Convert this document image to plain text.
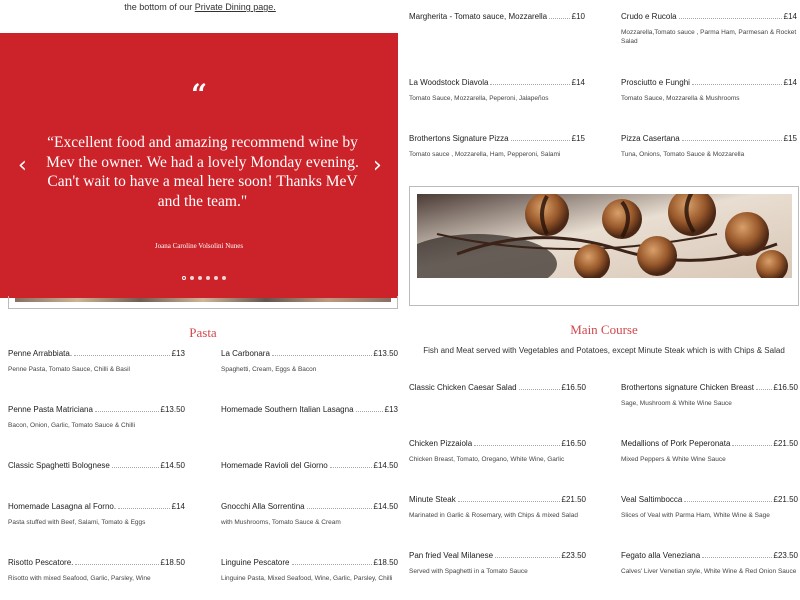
the bottom of our Private Dining page.
“
“Excellent food and amazing recommend wine by Mev the owner. We had a lovely Monday evening. Can't wait to have a meal here soon! Thanks MeV and the team."
Joana Caroline Volsolini Nunes
‹	›
Margherita - Tomato sauce, Mozzarella	£10	Crudo e Rucola	£14
Mozzarella,Tomato sauce , Parma Ham, Parmesan & Rocket Salad
La Woodstock Diavola	£14
Tomato Sauce, Mozzarella, Peperoni, Jalapeños
Prosciutto e Funghi	£14
Tomato Sauce, Mozzarella & Mushrooms
Brothertons Signature Pizza	£15
Tomato sauce , Mozzarella, Ham, Pepperoni, Salami
Pizza Casertana	£15
Tuna, Onions, Tomato Sauce & Mozzarella
Pasta
Penne Arrabbiata.	£13
Penne Pasta, Tomato Sauce, Chilli & Basil
La Carbonara	£13.50
Spaghetti, Cream, Eggs & Bacon
Penne Pasta Matriciana	£13.50
Bacon, Onion, Garlic, Tomato Sauce & Chilli
Homemade Southern Italian Lasagna	£13
Classic Spaghetti Bolognese	£14.50	Homemade Ravioli del Giorno	£14.50
Homemade Lasagna al Forno.	£14
Pasta stuffed with Beef, Salami, Tomato & Eggs
Gnocchi Alla Sorrentina	£14.50
with Mushrooms, Tomato Sauce & Cream
Risotto Pescatore.	£18.50
Risotto with mixed Seafood, Garlic, Parsley, Wine
Linguine Pescatore	£18.50
Linguine Pasta, Mixed Seafood, Wine, Garlic, Parsley, Chilli
Main Course
Fish and Meat served with Vegetables and Potatoes, except Minute Steak which is with Chips & Salad
Classic Chicken Caesar Salad	£16.50	Brothertons signature Chicken Breast £16.50
Sage, Mushroom & White Wine Sauce
Chicken Pizzaiola	£16.50
Chicken Breast, Tomato, Oregano, White Wine, Garlic
Medallions of Pork Peperonata	£21.50
Mixed Peppers & White Wine Sauce
Minute Steak	£21.50
Marinated in Garlic & Rosemary, with Chips & mixed Salad
Veal Saltimbocca	£21.50
Slices of Veal with Parma Ham, White Wine & Sage
Pan fried Veal Milanese	£23.50
Served with Spaghetti in a Tomato Sauce
Fegato alla Veneziana	£23.50
Calves' Liver Venetian style, White Wine & Red Onion Sauce
